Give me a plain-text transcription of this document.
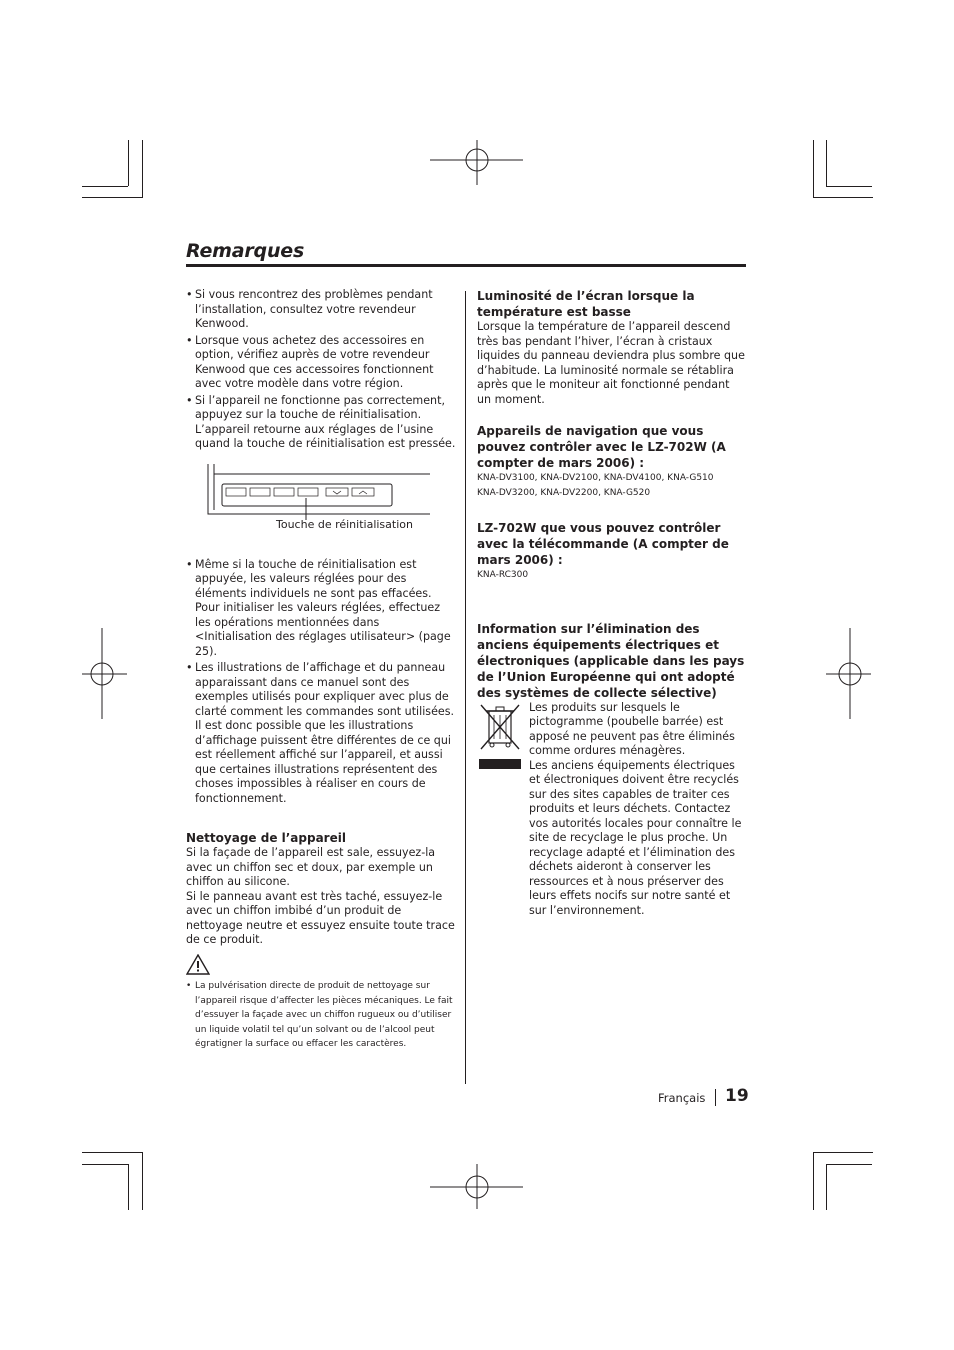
Remarques
• Si vous rencontrez des problèmes pendant l’installation, consultez votre revendeur Kenwood.
• Lorsque vous achetez des accessoires en option, vérifiez auprès de votre revendeur Kenwood que ces accessoires fonctionnent avec votre modèle dans votre région.
• Si l’appareil ne fonctionne pas correctement, appuyez sur la touche de réinitialisation. L’appareil retourne aux réglages de l’usine quand la touche de réinitialisation est pressée.
Touche de réinitialisation
• Même si la touche de réinitialisation est appuyée, les valeurs réglées pour des éléments individuels ne sont pas effacées. Pour initialiser les valeurs réglées, effectuez les opérations mentionnées dans <Initialisation des réglages utilisateur> (page 25).
• Les illustrations de l’affichage et du panneau apparaissant dans ce manuel sont des exemples utilisés pour expliquer avec plus de clarté comment les commandes sont utilisées. Il est donc possible que les illustrations d’affichage puissent être différentes de ce qui est réellement affiché sur l’appareil, et aussi que certaines illustrations représentent des choses impossibles à réaliser en cours de fonctionnement.
Nettoyage de l’appareil

Si la façade de l’appareil est sale, essuyez-la avec un chiffon sec et doux, par exemple un chiffon au silicone.

Si le panneau avant est très taché, essuyez-le avec un chiffon imbibé d’un produit de nettoyage neutre et essuyez ensuite toute trace de ce produit.

• La pulvérisation directe de produit de nettoyage sur l’appareil risque d’affecter les pièces mécaniques. Le fait d’essuyer la façade avec un chiffon rugueux ou d’utiliser un liquide volatil tel qu’un solvant ou de l’alcool peut égratigner la surface ou effacer les caractères.
Luminosité de l’écran lorsque la température est basse

Lorsque la température de l’appareil descend très bas pendant l’hiver, l’écran à cristaux liquides du panneau deviendra plus sombre que d’habitude. La luminosité normale se rétablira après que le moniteur ait fonctionné pendant un moment.

Appareils de navigation que vous pouvez contrôler avec le LZ-702W (A compter de mars 2006) :

KNA-DV3100, KNA-DV2100, KNA-DV4100, KNA-G510

KNA-DV3200, KNA-DV2200, KNA-G520

LZ-702W que vous pouvez contrôler avec la télécommande (A compter de mars 2006) :

KNA-RC300

Information sur l’élimination des anciens équipements électriques et électroniques (applicable dans les pays de l’Union Européenne qui ont adopté des systèmes de collecte sélective)

Les produits sur lesquels le pictogramme (poubelle barrée) est apposé ne peuvent pas être éliminés comme ordures ménagères.

Les anciens équipements électriques et électroniques doivent être recyclés sur des sites capables de traiter ces produits et leurs déchets. Contactez vos autorités locales pour connaître le site de recyclage le plus proche. Un recyclage adapté et l’élimination des déchets aideront à conserver les ressources et à nous préserver des leurs effets nocifs sur notre santé et sur l’environnement.

Français 19
